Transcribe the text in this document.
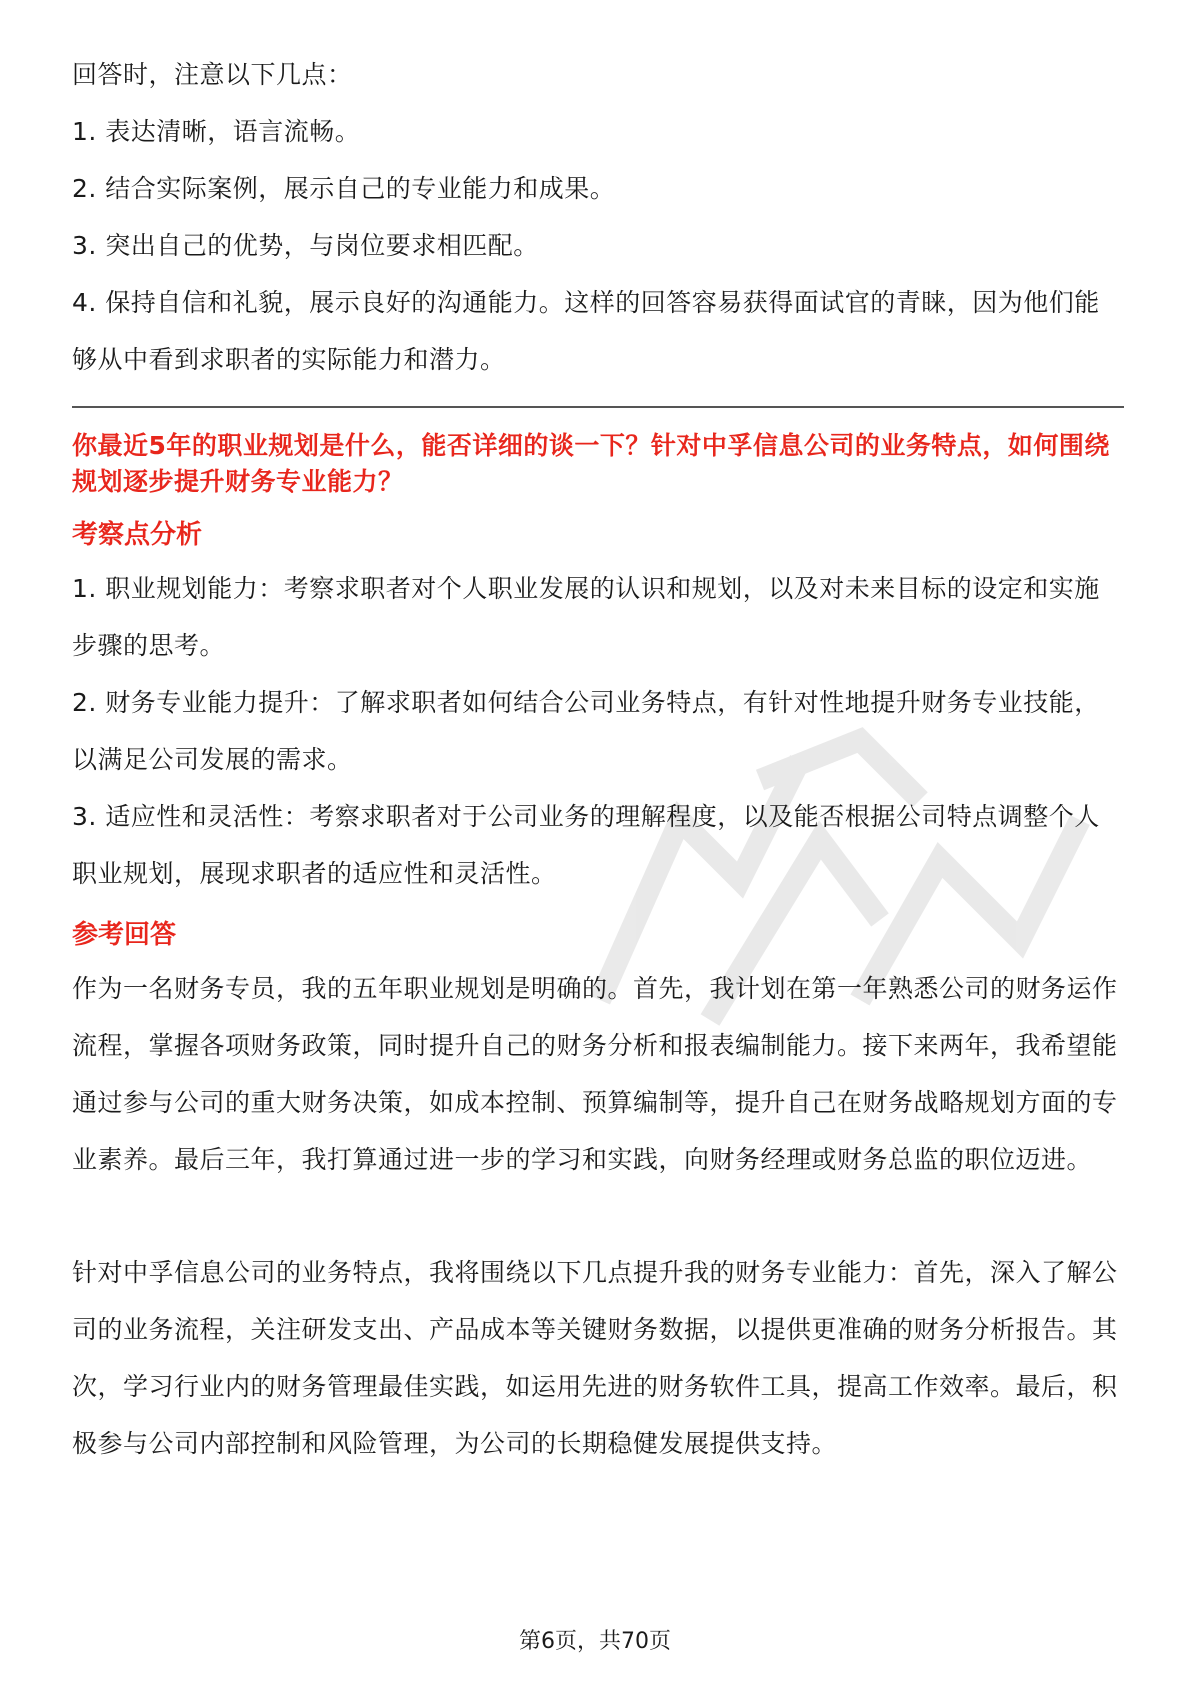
回答时，注意以下几点：

1. 表达清晰，语言流畅。

2. 结合实际案例，展示自己的专业能力和成果。

3. 突出自己的优势，与岗位要求相匹配。

4. 保持自信和礼貌，展示良好的沟通能力。这样的回答容易获得面试官的青睐，因为他们能够从中看到求职者的实际能力和潜力。

你最近5年的职业规划是什么，能否详细的谈一下？针对中孚信息公司的业务特点，如何围绕规划逐步提升财务专业能力？

考察点分析

1. 职业规划能力：考察求职者对个人职业发展的认识和规划，以及对未来目标的设定和实施步骤的思考。

2. 财务专业能力提升：了解求职者如何结合公司业务特点，有针对性地提升财务专业技能，以满足公司发展的需求。

3. 适应性和灵活性：考察求职者对于公司业务的理解程度，以及能否根据公司特点调整个人职业规划，展现求职者的适应性和灵活性。

参考回答

作为一名财务专员，我的五年职业规划是明确的。首先，我计划在第一年熟悉公司的财务运作流程，掌握各项财务政策，同时提升自己的财务分析和报表编制能力。接下来两年，我希望能通过参与公司的重大财务决策，如成本控制、预算编制等，提升自己在财务战略规划方面的专业素养。最后三年，我打算通过进一步的学习和实践，向财务经理或财务总监的职位迈进。

针对中孚信息公司的业务特点，我将围绕以下几点提升我的财务专业能力：首先，深入了解公司的业务流程，关注研发支出、产品成本等关键财务数据，以提供更准确的财务分析报告。其次，学习行业内的财务管理最佳实践，如运用先进的财务软件工具，提高工作效率。最后，积极参与公司内部控制和风险管理，为公司的长期稳健发展提供支持。

第6页，共70页
